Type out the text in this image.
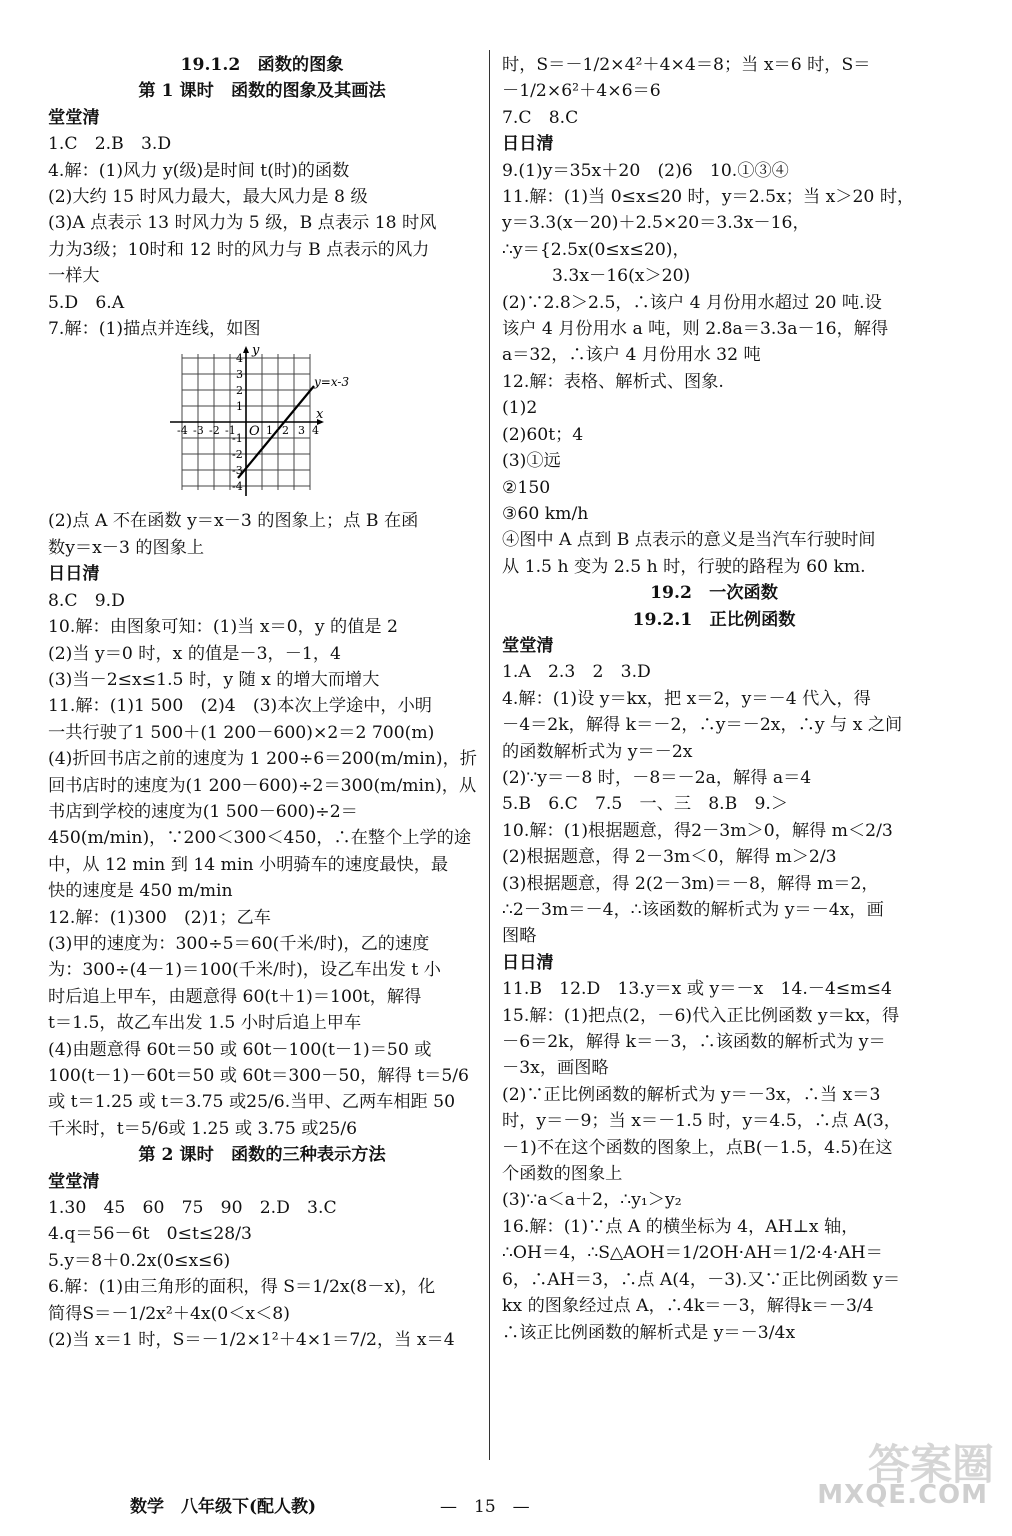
19.1.2　函数的图象
第 1 课时　函数的图象及其画法
堂堂清
1.C　2.B　3.D
4.解：(1)风力 y(级)是时间 t(时)的函数
(2)大约 15 时风力最大，最大风力是 8 级
(3)A 点表示 13 时风力为 5 级，B 点表示 18 时风
力为3级；10时和 12 时的风力与 B 点表示的风力
一样大
5.D　6.A
7.解：(1)描点并连线，如图
y=x-3
y
x
O
-4 -3 -2 -1	1 2 3 4
4
3
2
1
-1
-2
-3
-4
(2)点 A 不在函数 y＝x－3 的图象上；点 B 在函
数y＝x－3 的图象上
日日清
8.C　9.D
10.解：由图象可知：(1)当 x＝0，y 的值是 2
(2)当 y＝0 时，x 的值是－3，－1，4
(3)当－2≤x≤1.5 时，y 随 x 的增大而增大
11.解：(1)1 500　(2)4　(3)本次上学途中，小明
一共行驶了1 500＋(1 200－600)×2＝2 700(m)
(4)折回书店之前的速度为 1 200÷6＝200(m/min)，折
回书店时的速度为(1 200－600)÷2＝300(m/min)，从
书店到学校的速度为(1 500－600)÷2＝
450(m/min)，∵200＜300＜450，∴在整个上学的途
中，从 12 min 到 14 min 小明骑车的速度最快，最
快的速度是 450 m/min
12.解：(1)300　(2)1；乙车
(3)甲的速度为：300÷5＝60(千米/时)，乙的速度
为：300÷(4－1)＝100(千米/时)，设乙车出发 t 小
时后追上甲车，由题意得 60(t＋1)＝100t，解得
t＝1.5，故乙车出发 1.5 小时后追上甲车
(4)由题意得 60t＝50 或 60t－100(t－1)＝50 或
100(t－1)－60t＝50 或 60t＝300－50，解得 t＝5/6
或 t＝1.25 或 t＝3.75 或25/6.当甲、乙两车相距 50
千米时，t＝5/6或 1.25 或 3.75 或25/6
第 2 课时　函数的三种表示方法
堂堂清
1.30　45　60　75　90　2.D　3.C
4.q＝56－6t　0≤t≤28/3
5.y＝8＋0.2x(0≤x≤6)
6.解：(1)由三角形的面积，得 S＝1/2x(8－x)，化
简得S＝－1/2x²＋4x(0＜x＜8)
(2)当 x＝1 时，S＝－1/2×1²＋4×1＝7/2，当 x＝4
时，S＝－1/2×4²＋4×4＝8；当 x＝6 时，S＝
－1/2×6²＋4×6＝6
7.C　8.C
日日清
9.(1)y＝35x＋20　(2)6　10.①③④
11.解：(1)当 0≤x≤20 时，y＝2.5x；当 x＞20 时，
y＝3.3(x－20)＋2.5×20＝3.3x－16，
∴y＝{2.5x(0≤x≤20)，
3.3x－16(x＞20)
(2)∵2.8＞2.5，∴该户 4 月份用水超过 20 吨.设
该户 4 月份用水 a 吨，则 2.8a＝3.3a－16，解得
a＝32，∴该户 4 月份用水 32 吨
12.解：表格、解析式、图象.
(1)2
(2)60t；4
(3)①远
②150
③60 km/h
④图中 A 点到 B 点表示的意义是当汽车行驶时间
从 1.5 h 变为 2.5 h 时，行驶的路程为 60 km.
19.2　一次函数
19.2.1　正比例函数
堂堂清
1.A　2.3　2　3.D
4.解：(1)设 y＝kx，把 x＝2，y＝－4 代入，得
－4＝2k，解得 k＝－2，∴y＝－2x，∴y 与 x 之间
的函数解析式为 y＝－2x
(2)∵y＝－8 时，－8＝－2a，解得 a＝4
5.B　6.C　7.5　一、三　8.B　9.＞
10.解：(1)根据题意，得2－3m＞0，解得 m＜2/3
(2)根据题意，得 2－3m＜0，解得 m＞2/3
(3)根据题意，得 2(2－3m)＝－8，解得 m＝2，
∴2－3m＝－4，∴该函数的解析式为 y＝－4x，画
图略
日日清
11.B　12.D　13.y＝x 或 y＝－x　14.－4≤m≤4
15.解：(1)把点(2，－6)代入正比例函数 y＝kx，得
－6＝2k，解得 k＝－3，∴该函数的解析式为 y＝
－3x，画图略
(2)∵正比例函数的解析式为 y＝－3x，∴当 x＝3
时，y＝－9；当 x＝－1.5 时，y＝4.5，∴点 A(3，
－1)不在这个函数的图象上，点B(－1.5，4.5)在这
个函数的图象上
(3)∵a＜a＋2，∴y₁＞y₂
16.解：(1)∵点 A 的横坐标为 4，AH⊥x 轴，
∴OH＝4，∴S△AOH＝1/2OH·AH＝1/2·4·AH＝
6，∴AH＝3，∴点 A(4，－3).又∵正比例函数 y＝
kx 的图象经过点 A，∴4k＝－3，解得k＝－3/4
∴该正比例函数的解析式是 y＝－3/4x
数学　八年级下(配人教)	—　15　—
答案圈
MXQE.COM
